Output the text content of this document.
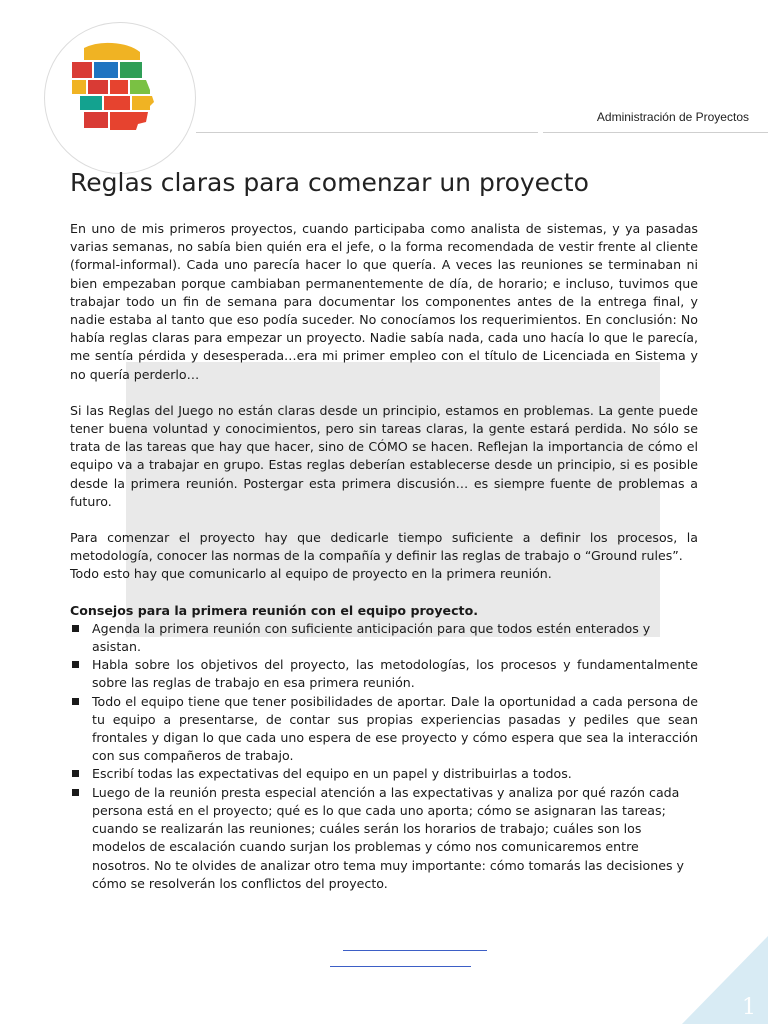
Administración de Proyectos
Reglas claras para comenzar un proyecto

En uno de mis primeros proyectos, cuando participaba como analista de sistemas, y ya pasadas varias semanas, no sabía bien quién era el jefe, o la forma recomendada de vestir frente al cliente (formal-informal). Cada uno parecía hacer lo que quería. A veces las reuniones se terminaban ni bien empezaban porque cambiaban permanentemente de día, de horario; e incluso, tuvimos que trabajar todo un fin de semana para documentar los componentes antes de la entrega final, y nadie estaba al tanto que eso podía suceder. No conocíamos los requerimientos. En conclusión: No había reglas claras para empezar un proyecto. Nadie sabía nada, cada uno hacía lo que le parecía, me sentía pérdida y desesperada…era mi primer empleo con el título de Licenciada en Sistema y no quería perderlo…

Si las Reglas del Juego no están claras desde un principio, estamos en problemas. La gente puede tener buena voluntad y conocimientos, pero sin tareas claras, la gente estará perdida. No sólo se trata de las tareas que hay que hacer, sino de CÓMO se hacen. Reflejan la importancia de cómo el equipo va a trabajar en grupo. Estas reglas deberían establecerse desde un principio, si es posible desde la primera reunión. Postergar esta primera discusión… es siempre fuente de problemas a futuro.

Para comenzar el proyecto hay que dedicarle tiempo suficiente a definir los procesos, la metodología, conocer las normas de la compañía y definir las reglas de trabajo o “Ground rules”.

Todo esto hay que comunicarlo al equipo de proyecto en la primera reunión.

Consejos para la primera reunión con el equipo proyecto.

Agenda la primera reunión con suficiente anticipación para que todos estén enterados y asistan.
Habla sobre los objetivos del proyecto, las metodologías, los procesos y fundamentalmente sobre las reglas de trabajo en esa primera reunión.
Todo el equipo tiene que tener posibilidades de aportar. Dale la oportunidad a cada persona de tu equipo a presentarse, de contar sus propias experiencias pasadas y pediles que sean frontales y digan lo que cada uno espera de ese proyecto y cómo espera que sea la interacción con sus compañeros de trabajo.
Escribí todas las expectativas del equipo en un papel y distribuirlas a todos.
Luego de la reunión presta especial atención a las expectativas y analiza por qué razón cada persona está en el proyecto; qué es lo que cada uno aporta; cómo se asignaran las tareas; cuando se realizarán las reuniones; cuáles serán los horarios de trabajo; cuáles son los modelos de escalación cuando surjan los problemas y cómo nos comunicaremos entre nosotros. No te olvides de analizar otro tema muy importante: cómo tomarás las decisiones y cómo se resolverán los conflictos del proyecto.
1
